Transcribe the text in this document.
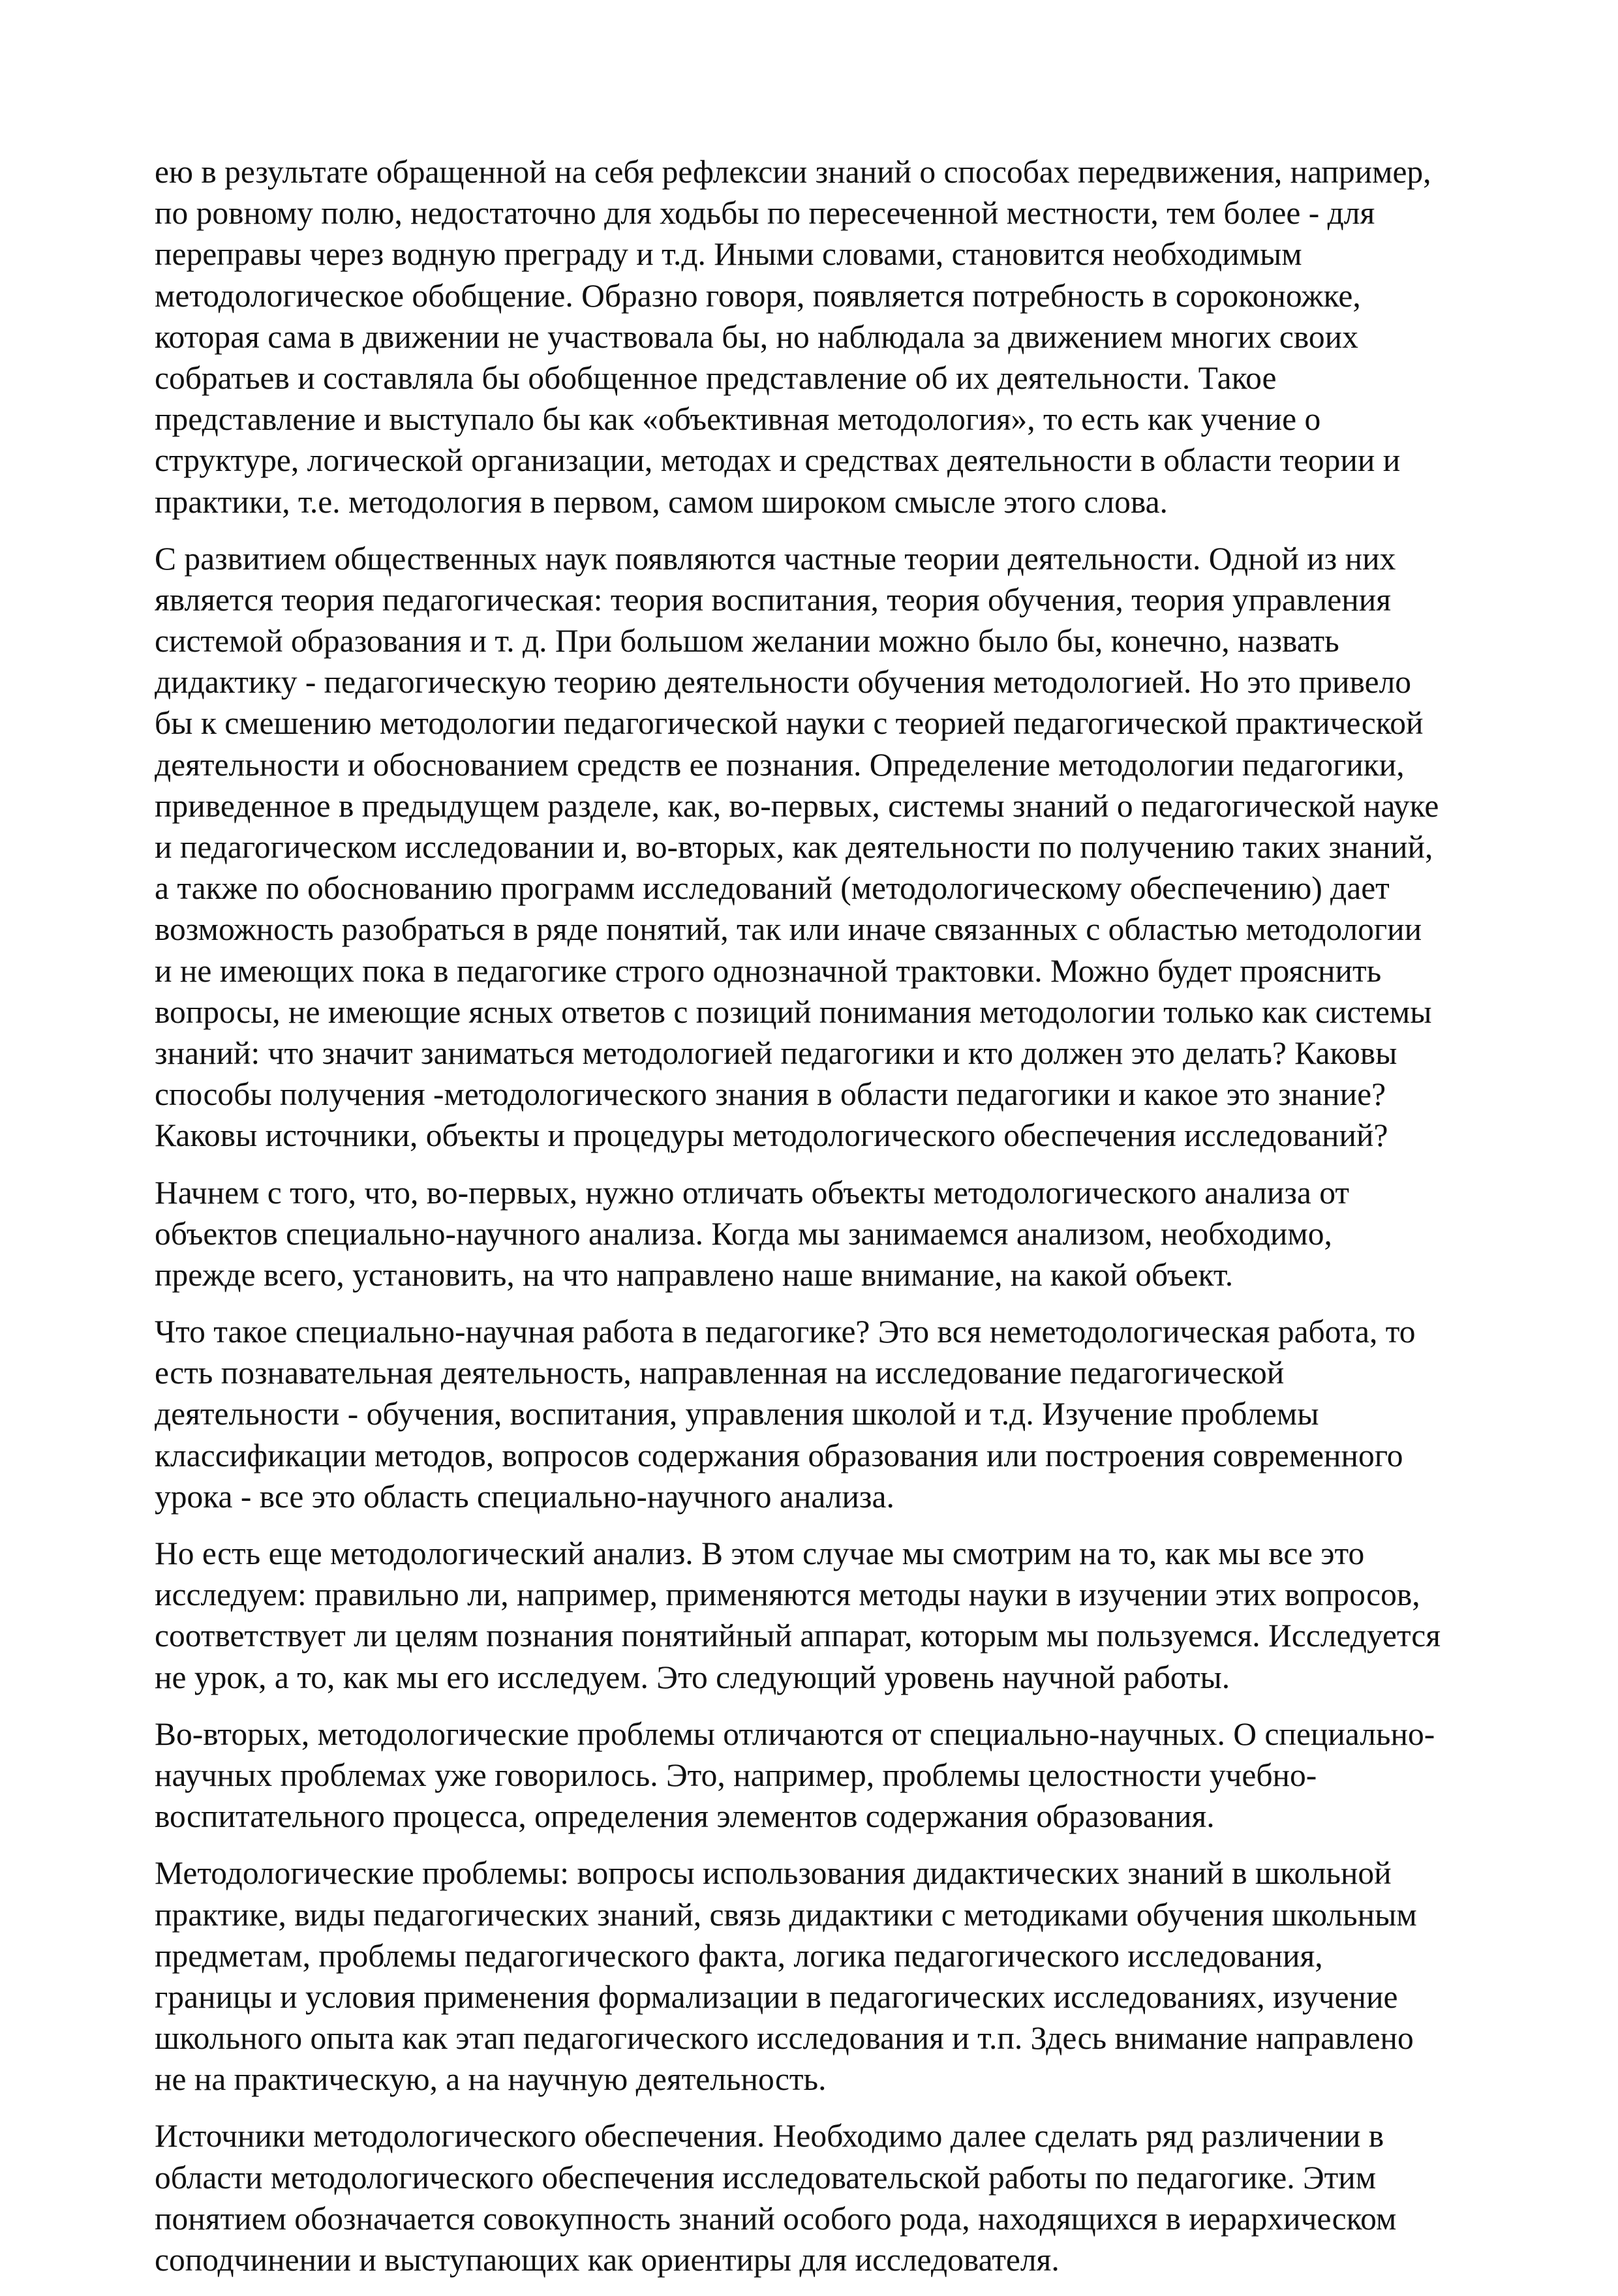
ею в результате обращенной на себя рефлексии знаний о способах передвижения, например,
по ровному полю, недостаточно для ходьбы по пересеченной местности, тем более - для
переправы через водную преграду и т.д. Иными словами, становится необходимым
методологическое обобщение. Образно говоря, появляется потребность в сороконожке,
которая сама в движении не участвовала бы, но наблюдала за движением многих своих
собратьев и составляла бы обобщенное представление об их деятельности. Такое
представление и выступало бы как «объективная методология», то есть как учение о
структуре, логической организации, методах и средствах деятельности в области теории и
практики, т.е. методология в первом, самом широком смысле этого слова.

С развитием общественных наук появляются частные теории деятельности. Одной из них
является теория педагогическая: теория воспитания, теория обучения, теория управления
системой образования и т. д. При большом желании можно было бы, конечно, назвать
дидактику - педагогическую теорию деятельности обучения методологией. Но это привело
бы к смешению методологии педагогической науки с теорией педагогической практической
деятельности и обоснованием средств ее познания. Определение методологии педагогики,
приведенное в предыдущем разделе, как, во-первых, системы знаний о педагогической науке
и педагогическом исследовании и, во-вторых, как деятельности по получению таких знаний,
а также по обоснованию программ исследований (методологическому обеспечению) дает
возможность разобраться в ряде понятий, так или иначе связанных с областью методологии
и не имеющих пока в педагогике строго однозначной трактовки. Можно будет прояснить
вопросы, не имеющие ясных ответов с позиций понимания методологии только как системы
знаний: что значит заниматься методологией педагогики и кто должен это делать? Каковы
способы получения -методологического знания в области педагогики и какое это знание?
Каковы источники, объекты и процедуры методологического обеспечения исследований?

Начнем с того, что, во-первых, нужно отличать объекты методологического анализа от
объектов специально-научного анализа. Когда мы занимаемся анализом, необходимо,
прежде всего, установить, на что направлено наше внимание, на какой объект.

Что такое специально-научная работа в педагогике? Это вся неметодологическая работа, то
есть познавательная деятельность, направленная на исследование педагогической
деятельности - обучения, воспитания, управления школой и т.д. Изучение проблемы
классификации методов, вопросов содержания образования или построения современного
урока - все это область специально-научного анализа.

Но есть еще методологический анализ. В этом случае мы смотрим на то, как мы все это
исследуем: правильно ли, например, применяются методы науки в изучении этих вопросов,
соответствует ли целям познания понятийный аппарат, которым мы пользуемся. Исследуется
не урок, а то, как мы его исследуем. Это следующий уровень научной работы.

Во-вторых, методологические проблемы отличаются от специально-научных. О специально-
научных проблемах уже говорилось. Это, например, проблемы целостности учебно-
воспитательного процесса, определения элементов содержания образования.

Методологические проблемы: вопросы использования дидактических знаний в школьной
практике, виды педагогических знаний, связь дидактики с методиками обучения школьным
предметам, проблемы педагогического факта, логика педагогического исследования,
границы и условия применения формализации в педагогических исследованиях, изучение
школьного опыта как этап педагогического исследования и т.п. Здесь внимание направлено
не на практическую, а на научную деятельность.

Источники методологического обеспечения. Необходимо далее сделать ряд различении в
области методологического обеспечения исследовательской работы по педагогике. Этим
понятием обозначается совокупность знаний особого рода, находящихся в иерархическом
соподчинении и выступающих как ориентиры для исследователя.
